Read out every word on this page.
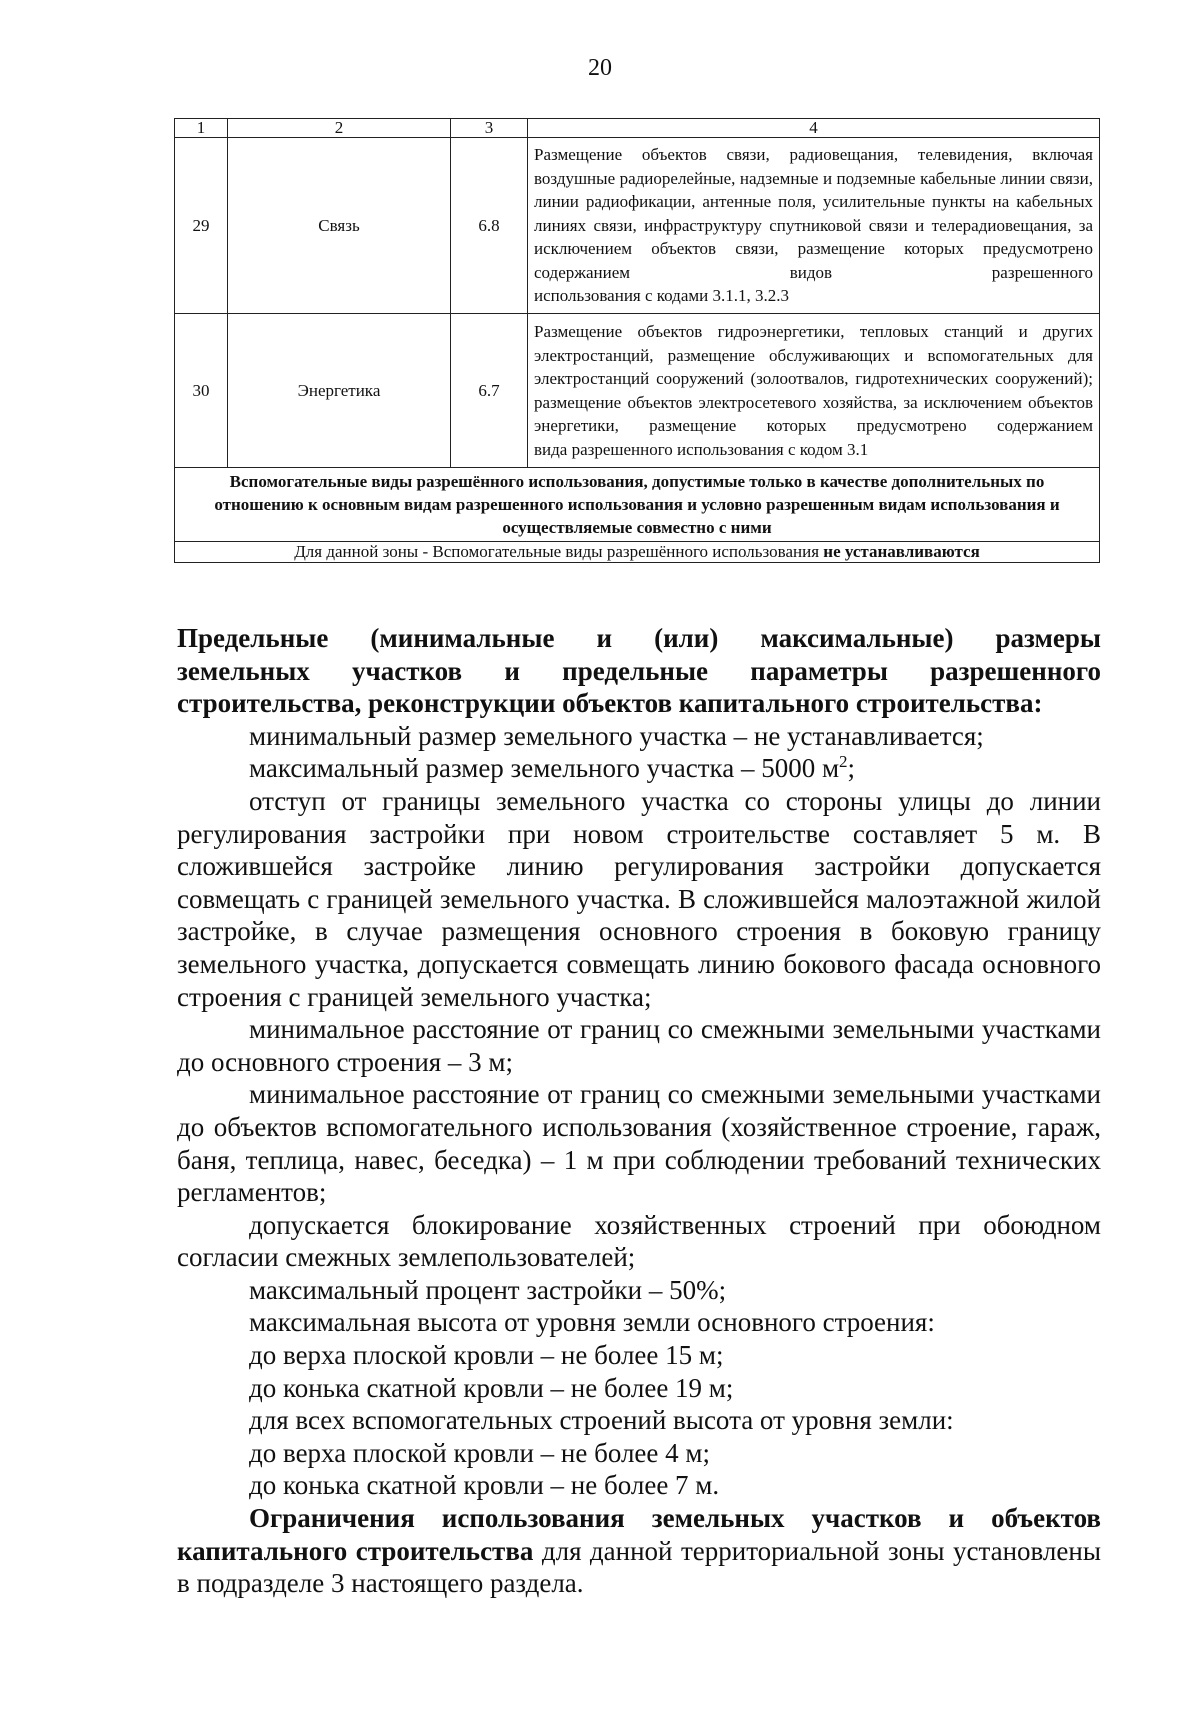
20
1	2	3	4
29	Связь	6.8	Размещение объектов связи, радиовещания, телевидения, включая воздушные радиорелейные, надземные и подземные кабельные линии связи, линии радиофикации, антенные поля, усилительные пункты на кабельных линиях связи, инфраструктуру спутниковой связи и телерадиовещания, за исключением объектов связи, размещение которых предусмотрено содержанием видов разрешенного
использования с кодами 3.1.1, 3.2.3

30	Энергетика	6.7	Размещение объектов гидроэнергетики, тепловых станций и других электростанций, размещение обслуживающих и вспомогательных для электростанций сооружений (золоотвалов, гидротехнических сооружений); размещение объектов электросетевого хозяйства, за исключением объектов энергетики, размещение которых предусмотрено содержанием
вида разрешенного использования с кодом 3.1

Вспомогательные виды разрешённого использования, допустимые только в качестве дополнительных по отношению к основным видам разрешенного использования и условно разрешенным видам использования и осуществляемые совместно с ними			
Для данной зоны - Вспомогательные виды разрешённого использования не устанавливаются			

Предельные (минимальные и (или) максимальные) размеры
земельных участков и предельные параметры разрешенного
строительства, реконструкции объектов капитального строительства:

минимальный размер земельного участка – не устанавливается;

максимальный размер земельного участка – 5000 $м^2$;

отступ от границы земельного участка со стороны улицы до линии регулирования застройки при новом строительстве составляет 5 м. В сложившейся застройке линию регулирования застройки допускается совмещать с границей земельного участка. В сложившейся малоэтажной жилой застройке, в случае размещения основного строения в боковую границу земельного участка, допускается совмещать линию бокового фасада основного строения с границей земельного участка;

минимальное расстояние от границ со смежными земельными участками до основного строения – 3 м;

минимальное расстояние от границ со смежными земельными участками до объектов вспомогательного использования (хозяйственное строение, гараж, баня, теплица, навес, беседка) – 1 м при соблюдении требований технических регламентов;

допускается блокирование хозяйственных строений при обоюдном согласии смежных землепользователей;

максимальный процент застройки – 50%;

максимальная высота от уровня земли основного строения:

до верха плоской кровли – не более 15 м;

до конька скатной кровли – не более 19 м;

для всех вспомогательных строений высота от уровня земли:

до верха плоской кровли – не более 4 м;

до конька скатной кровли – не более 7 м.

Ограничения использования земельных участков и объектов капитального строительства для данной территориальной зоны установлены в подразделе 3 настоящего раздела.
